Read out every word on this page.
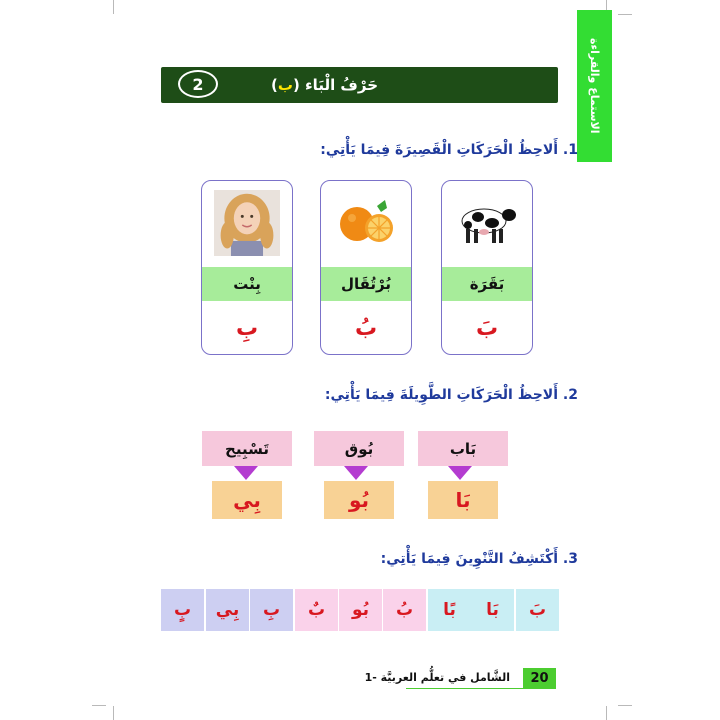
الاستماع والقراءة
حَرْفُ الْبَاء (
ب
)
2
1. أَلاحِظُ الْحَرَكَاتِ الْقَصِيرَةَ فِيمَا يَأْتِي:
بَقَرَة
بَ
بُرْتُقَال
بُ
بِنْت
بِ
2. أَلاحِظُ الْحَرَكَاتِ الطَّوِيلَةَ فِيمَا يَأْتِي:
بَاب
بَا
بُوق
بُو
تَسْبِيح
بِي
3. أَكْتَشِفُ التَّنْوِينَ فِيمَا يَأْتِي:
بَ
بَا
بًا
بُ
بُو
بٌ
بِ
بِي
بٍ
20
الشَّامل في تعلُّم العربيَّة -1
